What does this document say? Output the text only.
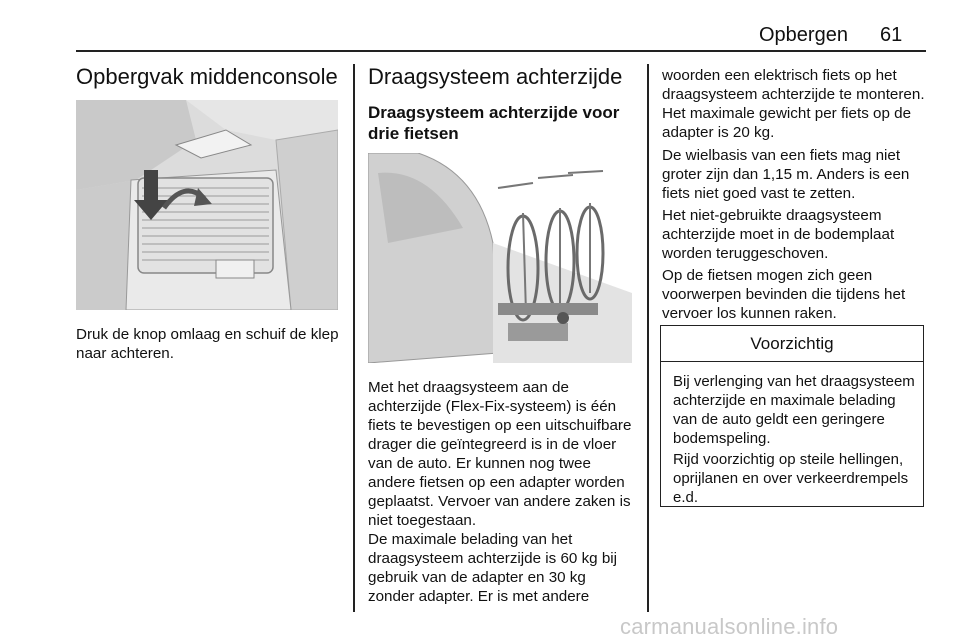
Opbergen 61
Opbergvak middenconsole

Druk de knop omlaag en schuif de klep naar achteren.

Draagsysteem achterzijde
Draagsysteem achterzijde voor drie fietsen

Met het draagsysteem aan de achterzijde (Flex-Fix-systeem) is één fiets te bevestigen op een uitschuifbare drager die geïntegreerd is in de vloer van de auto. Er kunnen nog twee andere fietsen op een adapter worden geplaatst. Vervoer van andere zaken is niet toegestaan.

De maximale belading van het draagsysteem achterzijde is 60 kg bij gebruik van de adapter en 30 kg zonder adapter. Er is met andere

woorden een elektrisch fiets op het draagsysteem achterzijde te monteren. Het maximale gewicht per fiets op de adapter is 20 kg.

De wielbasis van een fiets mag niet groter zijn dan 1,15 m. Anders is een fiets niet goed vast te zetten.

Het niet-gebruikte draagsysteem achterzijde moet in de bodemplaat worden teruggeschoven.

Op de fietsen mogen zich geen voorwerpen bevinden die tijdens het vervoer los kunnen raken.

Voorzichtig

Bij verlenging van het draagsysteem achterzijde en maximale belading van de auto geldt een geringere bodemspeling.

Rijd voorzichtig op steile hellingen, oprijlanen en over verkeerdrempels e.d.

carmanualsonline.info
